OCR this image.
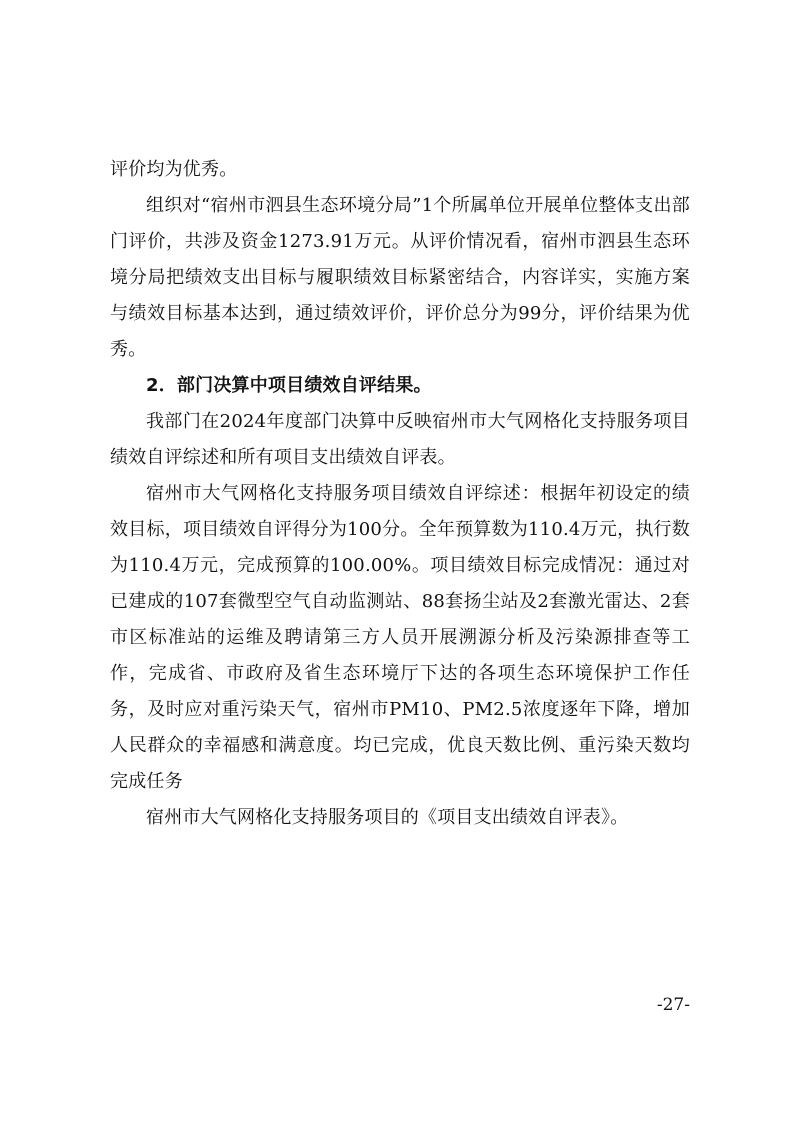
评价均为优秀。

组织对“宿州市泗县生态环境分局”1个所属单位开展单位整体支出部门评价，共涉及资金1273.91万元。从评价情况看，宿州市泗县生态环境分局把绩效支出目标与履职绩效目标紧密结合，内容详实，实施方案与绩效目标基本达到，通过绩效评价，评价总分为99分，评价结果为优秀。

2．部门决算中项目绩效自评结果。

我部门在2024年度部门决算中反映宿州市大气网格化支持服务项目绩效自评综述和所有项目支出绩效自评表。

宿州市大气网格化支持服务项目绩效自评综述：根据年初设定的绩效目标，项目绩效自评得分为100分。全年预算数为110.4万元，执行数为110.4万元，完成预算的100.00%。项目绩效目标完成情况：通过对已建成的107套微型空气自动监测站、88套扬尘站及2套激光雷达、2套市区标准站的运维及聘请第三方人员开展溯源分析及污染源排查等工作，完成省、市政府及省生态环境厅下达的各项生态环境保护工作任务，及时应对重污染天气，宿州市PM10、PM2.5浓度逐年下降，增加人民群众的幸福感和满意度。均已完成，优良天数比例、重污染天数均完成任务

宿州市大气网格化支持服务项目的《项目支出绩效自评表》。

-27-
